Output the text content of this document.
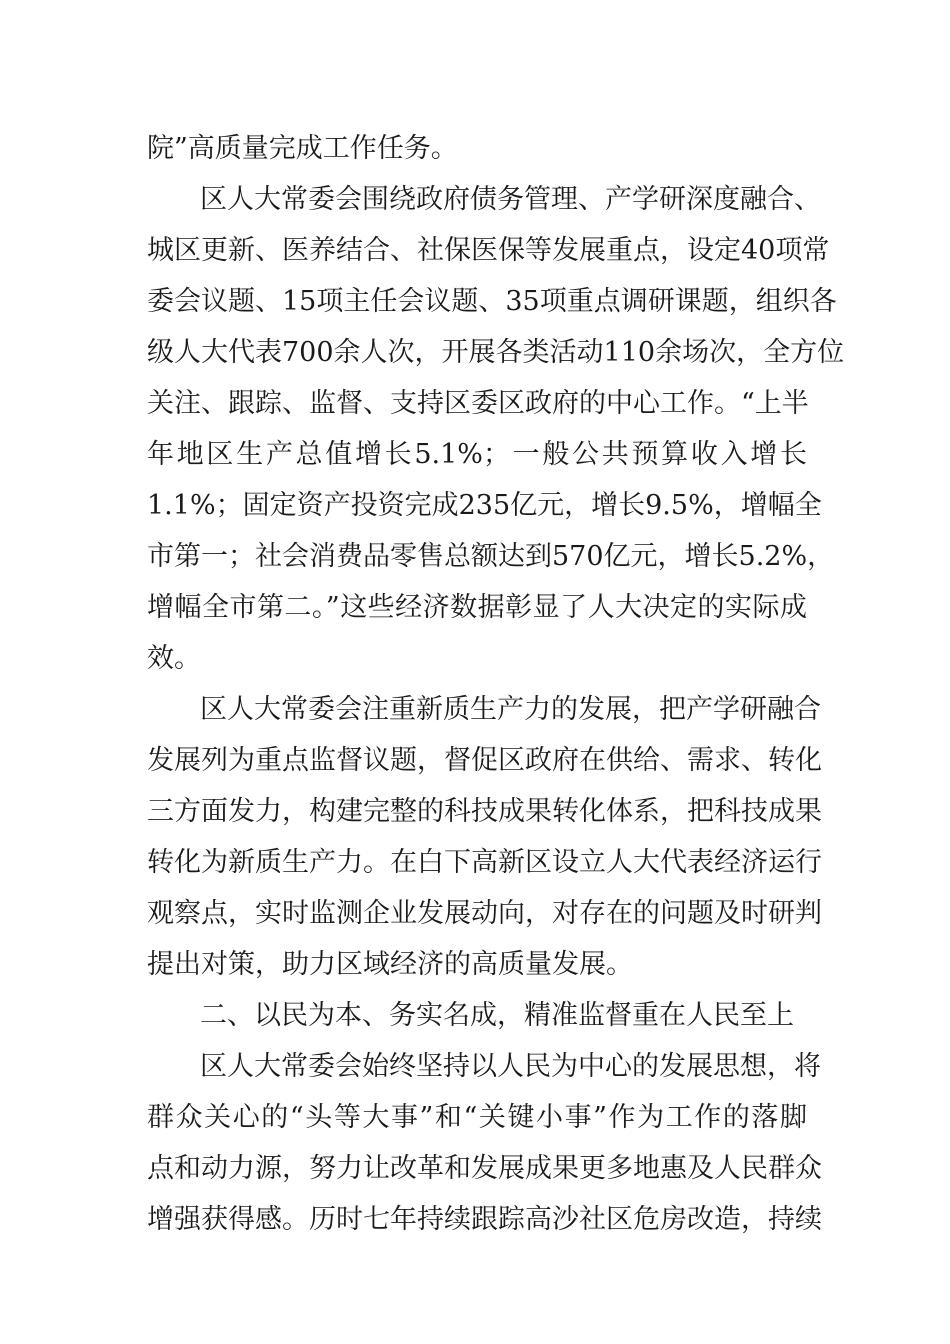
院”高质量完成工作任务。
区人大常委会围绕政府债务管理、产学研深度融合、
城区更新、医养结合、社保医保等发展重点，设定40项常
委会议题、15项主任会议题、35项重点调研课题，组织各
级人大代表700余人次，开展各类活动110余场次，全方位
关注、跟踪、监督、支持区委区政府的中心工作。“上半
年地区生产总值增长5.1%；一般公共预算收入增长
1.1%；固定资产投资完成235亿元，增长9.5%，增幅全
市第一；社会消费品零售总额达到570亿元，增长5.2%，
增幅全市第二。”这些经济数据彰显了人大决定的实际成
效。
区人大常委会注重新质生产力的发展，把产学研融合
发展列为重点监督议题，督促区政府在供给、需求、转化
三方面发力，构建完整的科技成果转化体系，把科技成果
转化为新质生产力。在白下高新区设立人大代表经济运行
观察点，实时监测企业发展动向，对存在的问题及时研判
提出对策，助力区域经济的高质量发展。
二、以民为本、务实名成，精准监督重在人民至上
区人大常委会始终坚持以人民为中心的发展思想，将
群众关心的“头等大事”和“关键小事”作为工作的落脚
点和动力源，努力让改革和发展成果更多地惠及人民群众
增强获得感。历时七年持续跟踪高沙社区危房改造，持续
